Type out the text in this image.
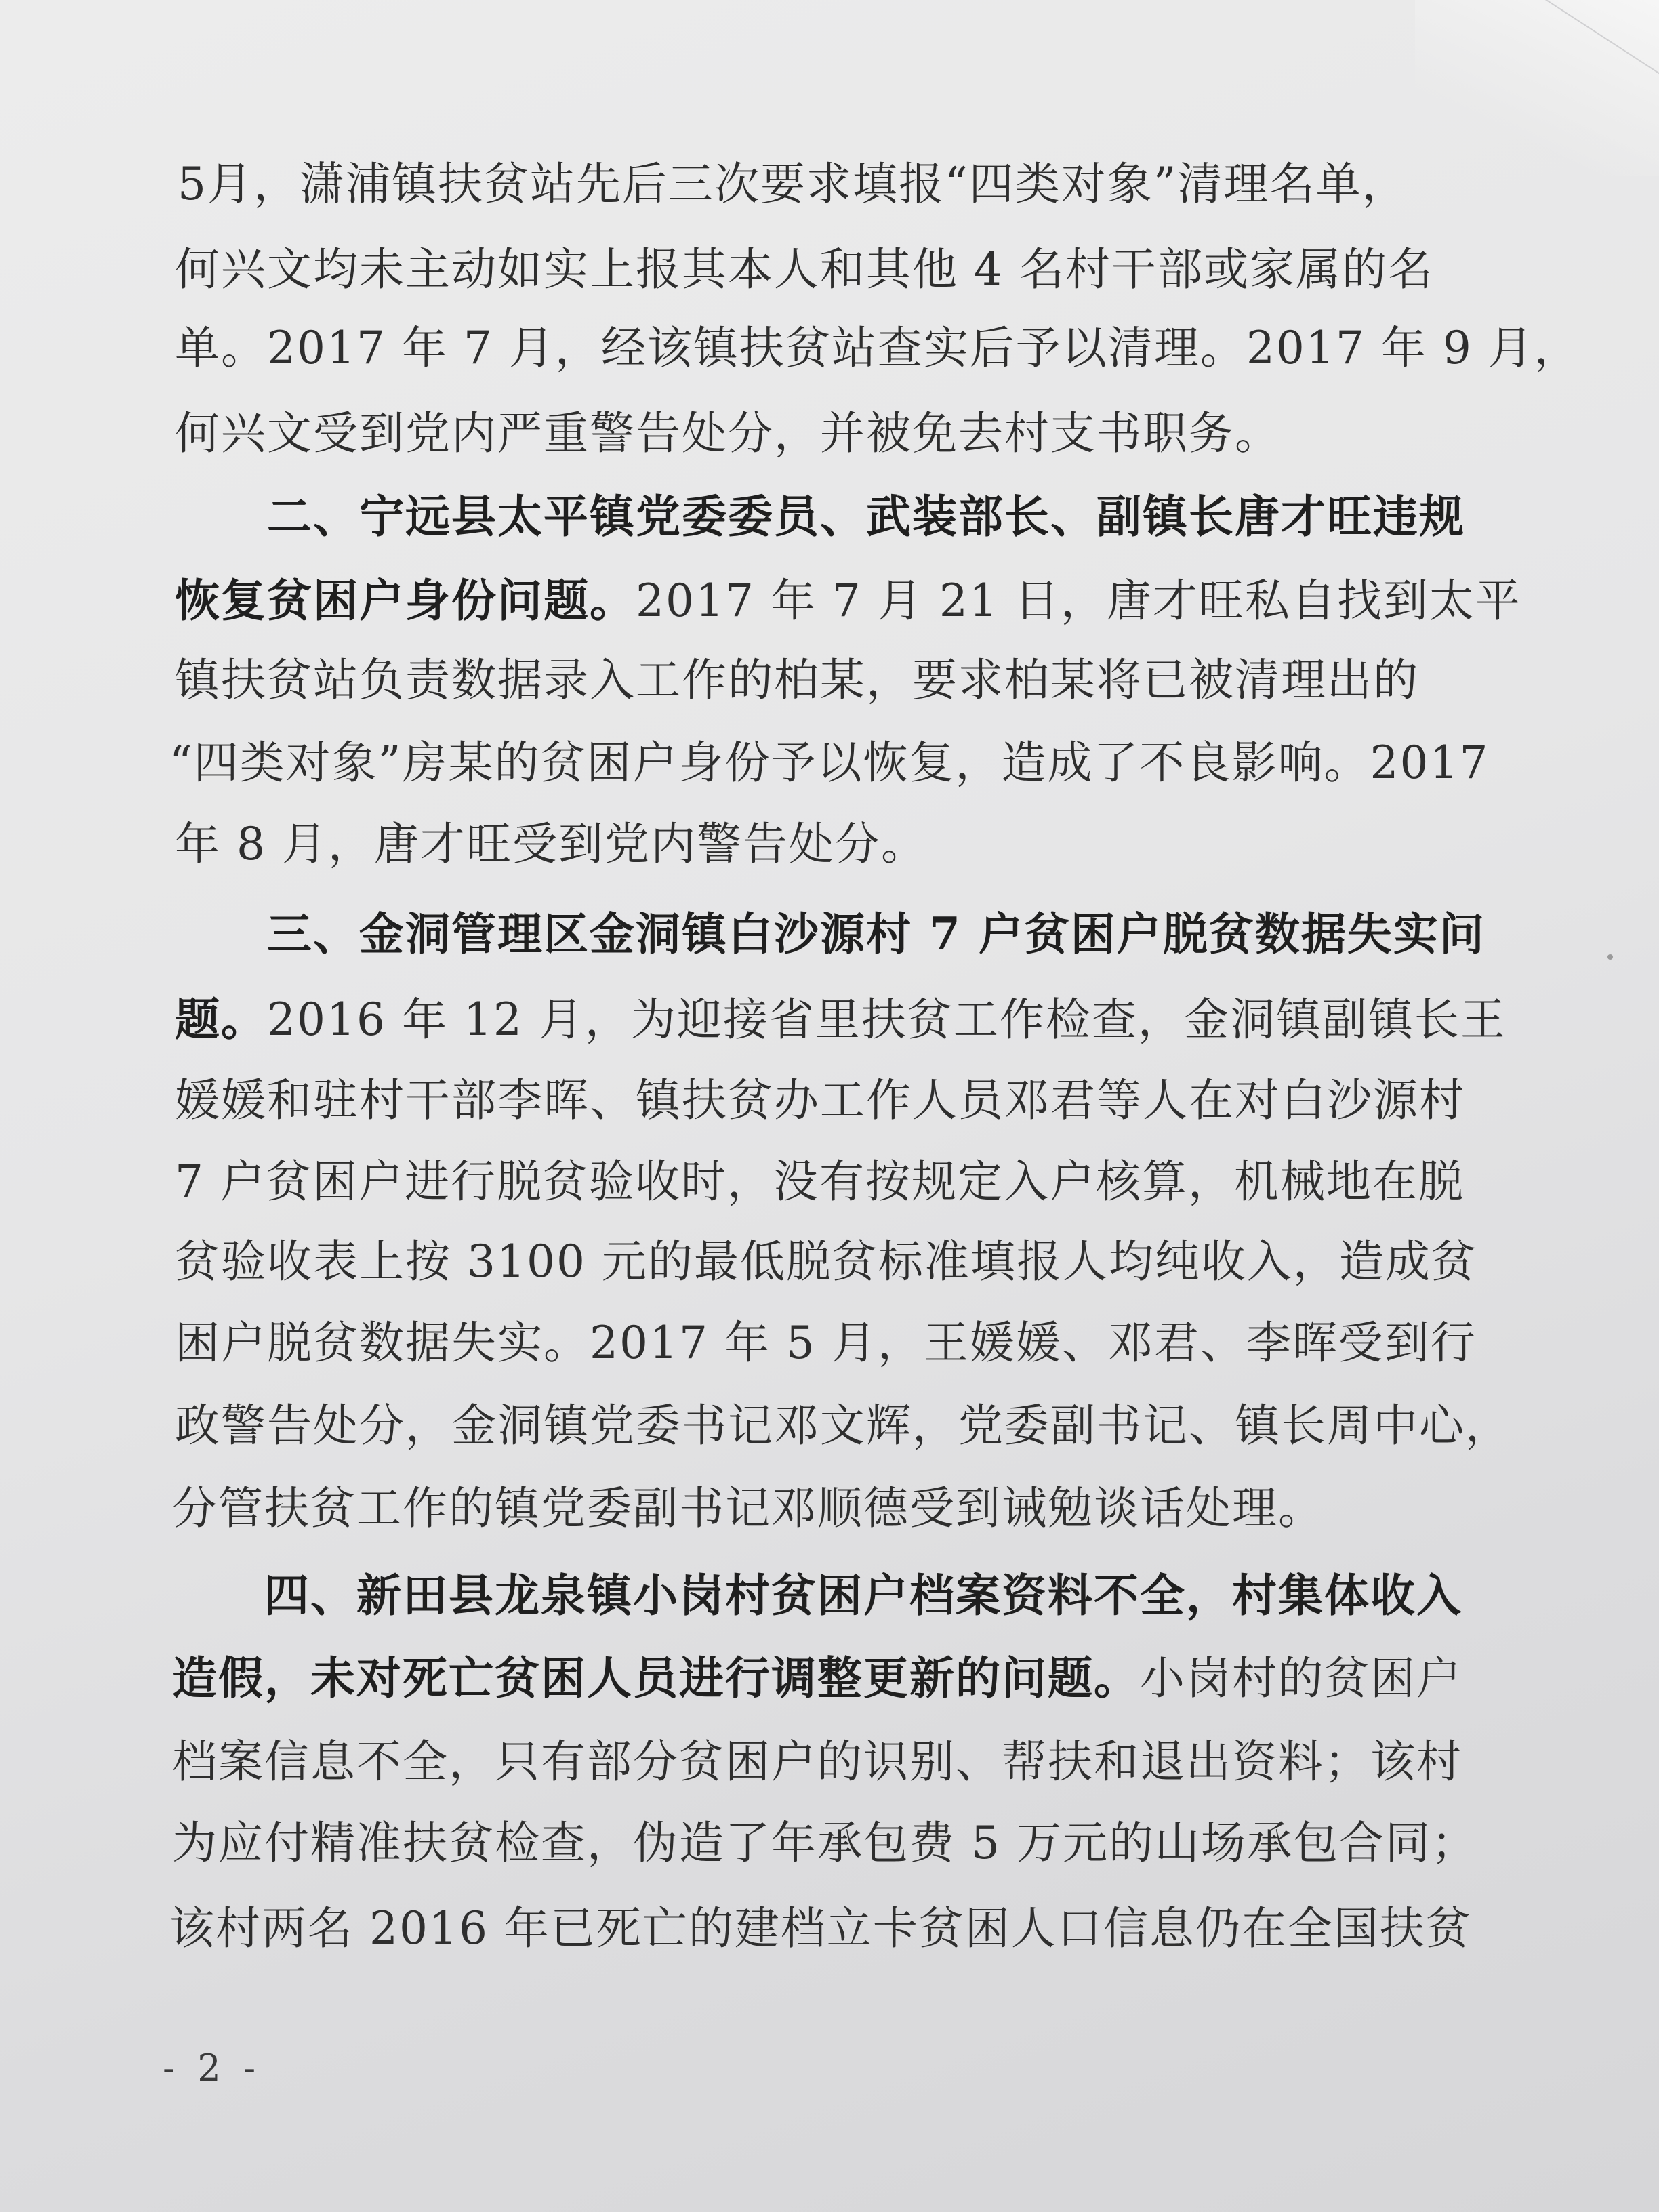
5月，潇浦镇扶贫站先后三次要求填报“四类对象”清理名单，
何兴文均未主动如实上报其本人和其他 4 名村干部或家属的名
单。2017 年 7 月，经该镇扶贫站查实后予以清理。2017 年 9 月，
何兴文受到党内严重警告处分，并被免去村支书职务。
二、宁远县太平镇党委委员、武装部长、副镇长唐才旺违规
恢复贫困户身份问题。2017 年 7 月 21 日，唐才旺私自找到太平
镇扶贫站负责数据录入工作的柏某，要求柏某将已被清理出的
“四类对象”房某的贫困户身份予以恢复，造成了不良影响。2017
年 8 月，唐才旺受到党内警告处分。
三、金洞管理区金洞镇白沙源村 7 户贫困户脱贫数据失实问
题。2016 年 12 月，为迎接省里扶贫工作检查，金洞镇副镇长王
媛媛和驻村干部李晖、镇扶贫办工作人员邓君等人在对白沙源村
7 户贫困户进行脱贫验收时，没有按规定入户核算，机械地在脱
贫验收表上按 3100 元的最低脱贫标准填报人均纯收入，造成贫
困户脱贫数据失实。2017 年 5 月，王媛媛、邓君、李晖受到行
政警告处分，金洞镇党委书记邓文辉，党委副书记、镇长周中心，
分管扶贫工作的镇党委副书记邓顺德受到诫勉谈话处理。
四、新田县龙泉镇小岗村贫困户档案资料不全，村集体收入
造假，未对死亡贫困人员进行调整更新的问题。小岗村的贫困户
档案信息不全，只有部分贫困户的识别、帮扶和退出资料；该村
为应付精准扶贫检查，伪造了年承包费 5 万元的山场承包合同；
该村两名 2016 年已死亡的建档立卡贫困人口信息仍在全国扶贫
- 2 -
